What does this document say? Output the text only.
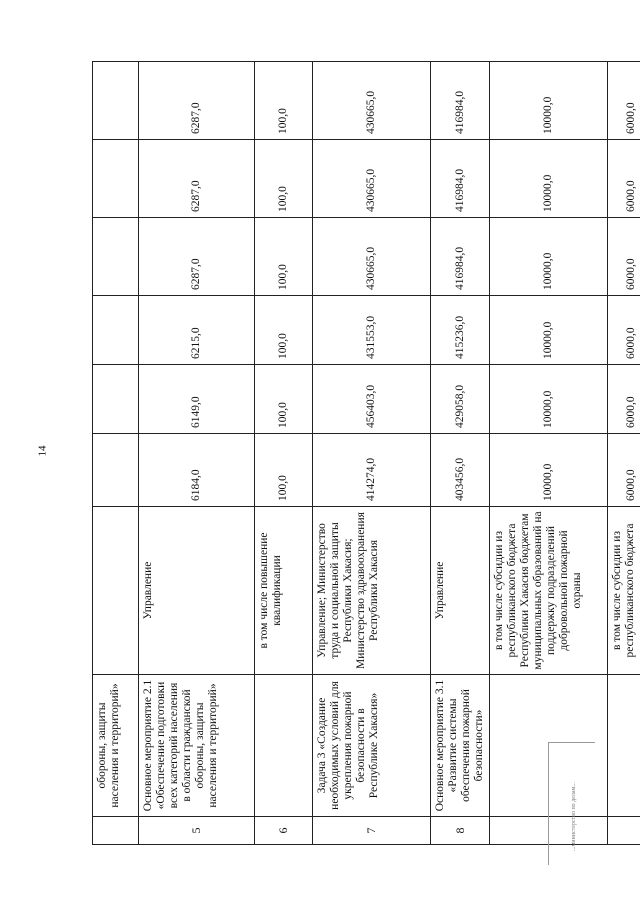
14
	обороны, защиты населения и территорий»							
5	Основное мероприятие 2.1 «Обеспечение подготовки всех категорий населения в области гражданской обороны, защиты населения и территорий»	Управление	6184,0	6149,0	6215,0	6287,0	6287,0	6287,0
6		в том числе повышение квалификации	100,0	100,0	100,0	100,0	100,0	100,0
7	Задача 3 «Создание необходимых условий для укрепления пожарной безопасности в Республике Хакасия»	Управление; Министерство труда и социальной защиты Республики Хакасия; Министерство здравоохранения Республики Хакасия	414274,0	456403,0	431553,0	430665,0	430665,0	430665,0
8	Основное мероприятие 3.1 «Развитие системы обеспечения пожарной безопасности»	Управление	403456,0	429058,0	415236,0	416984,0	416984,0	416984,0
		в том числе субсидии из республиканского бюджета Республики Хакасия бюджетам муниципальных образований на поддержку подразделений добровольной пожарной охраны	10000,0	10000,0	10000,0	10000,0	10000,0	10000,0
		в том числе субсидии из республиканского бюджета	6000,0	6000,0	6000,0	6000,0	6000,0	6000,0
...министерство по делам...
